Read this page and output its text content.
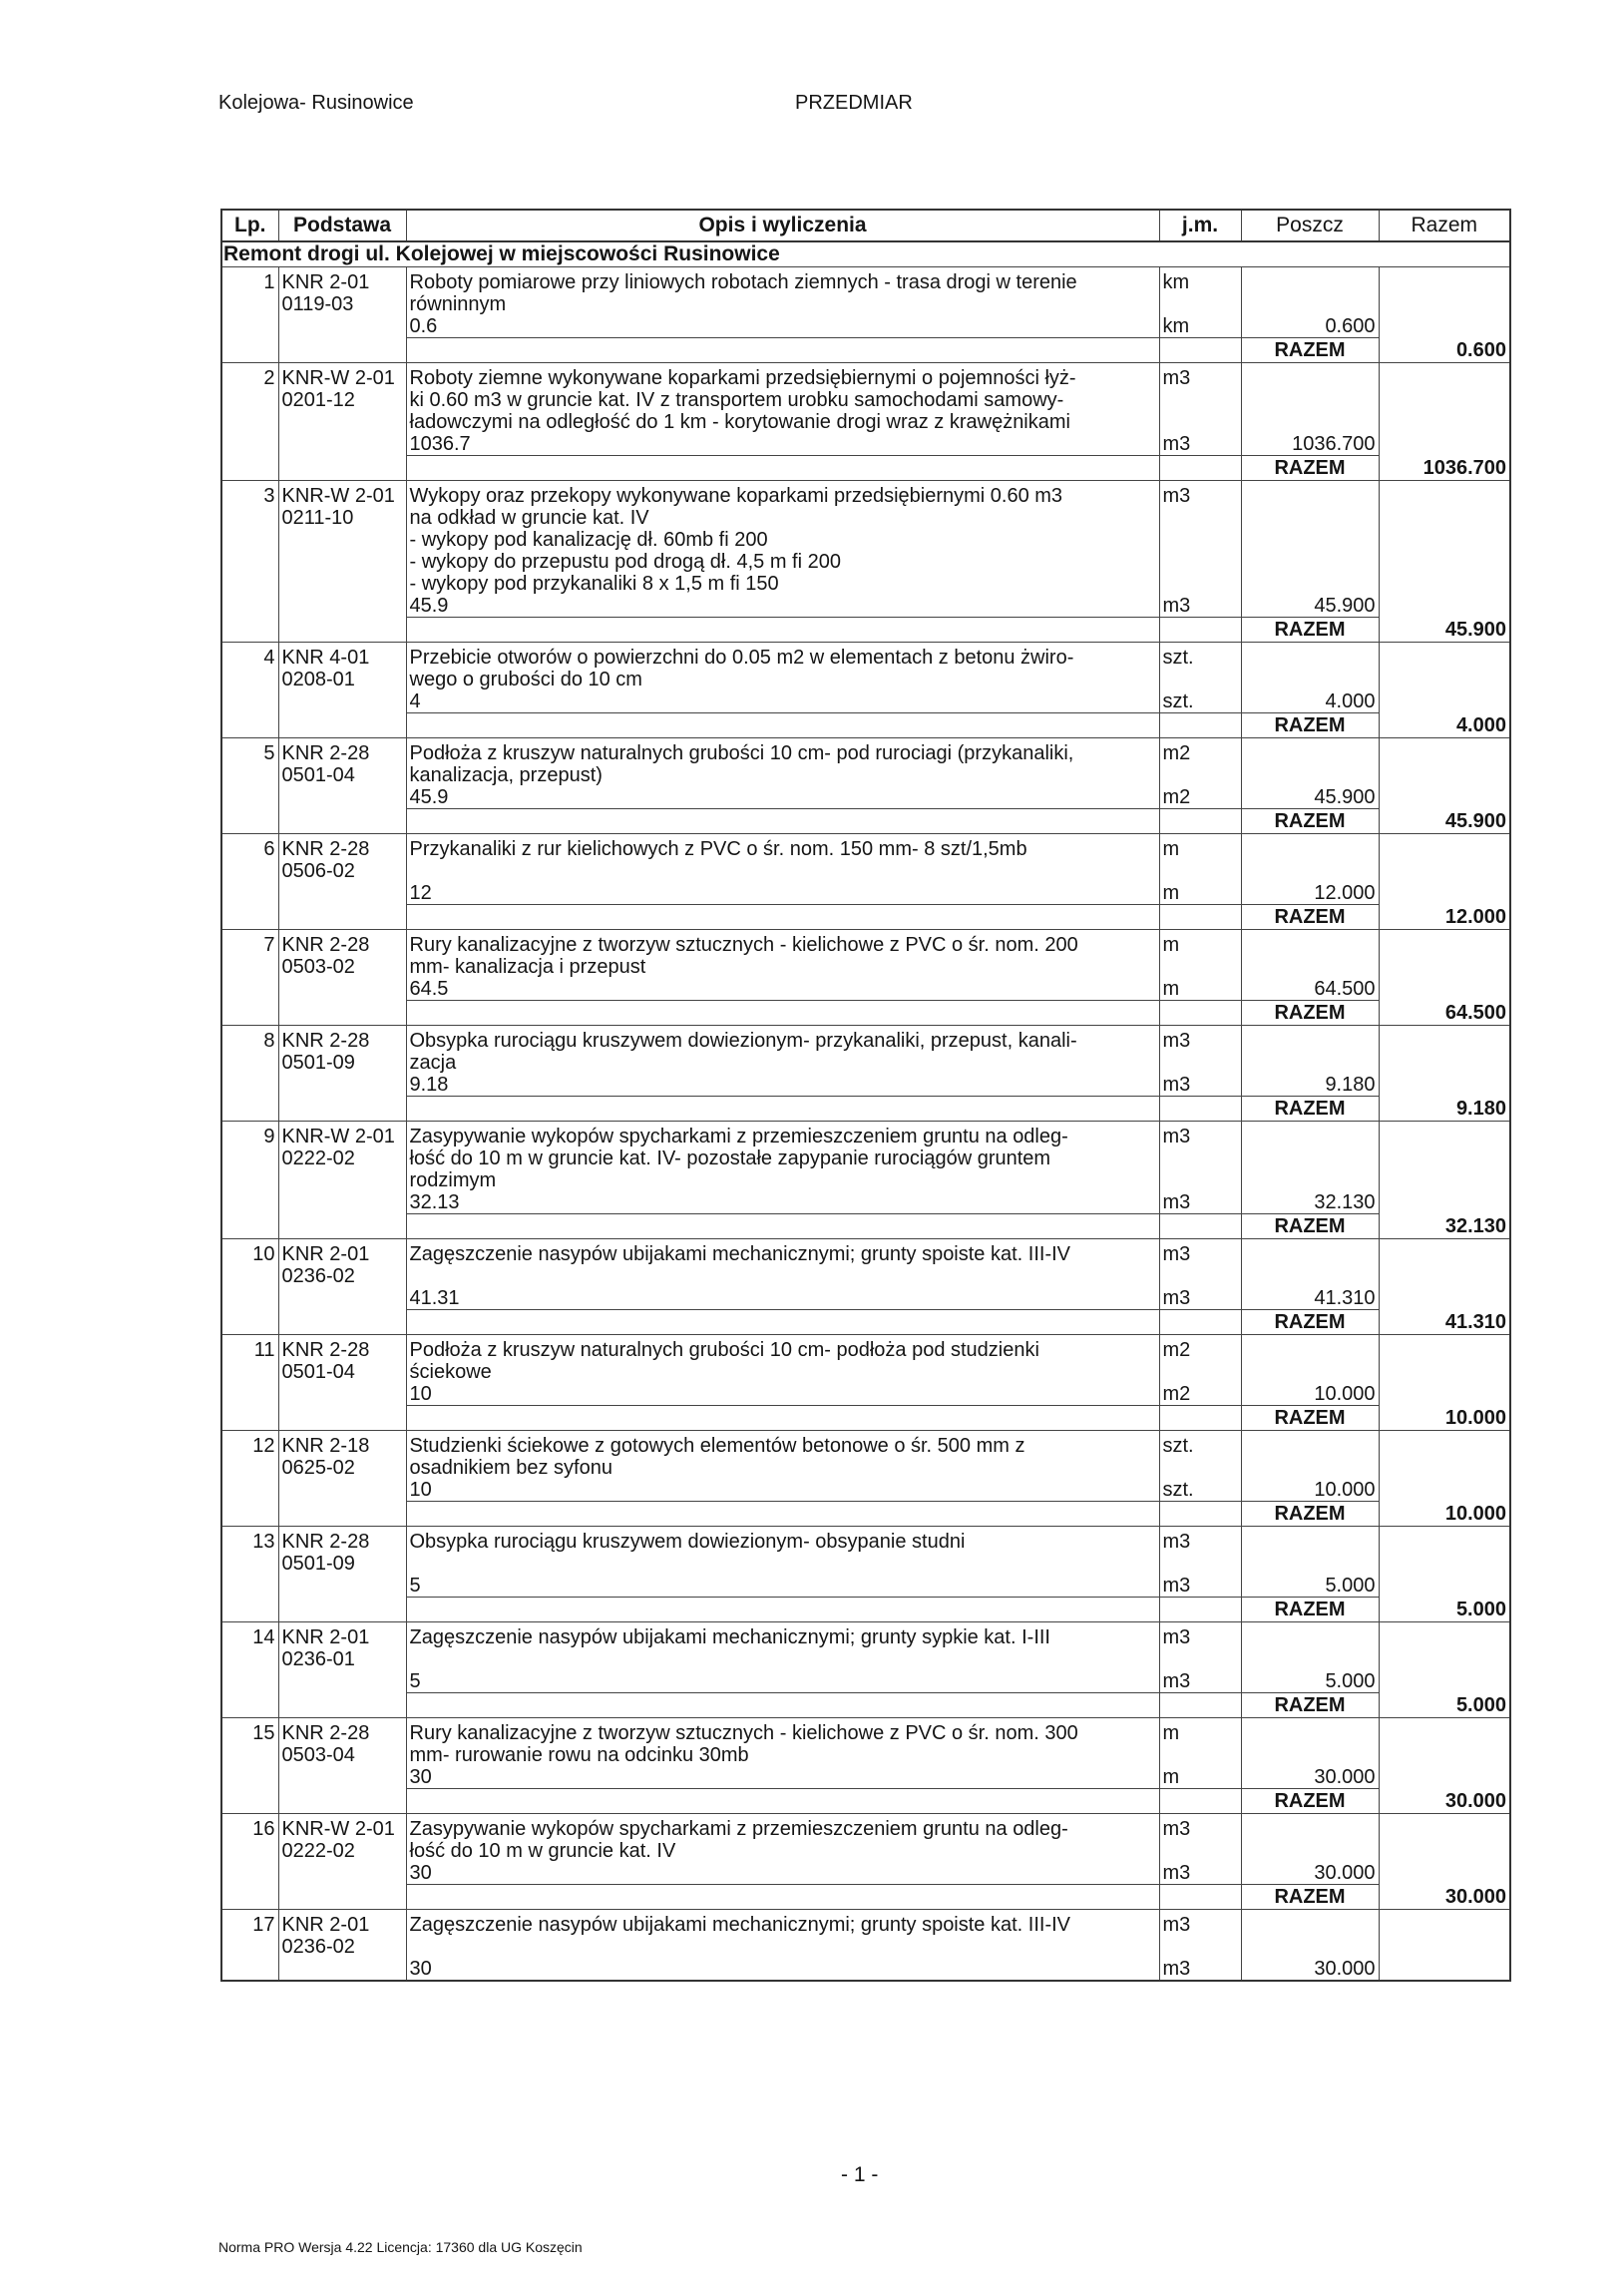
Kolejowa- Rusinowice	PRZEDMIAR
Lp.	Podstawa	Opis i wyliczenia	j.m.	Poszcz	Razem
Remont drogi ul. Kolejowej w miejscowości Rusinowice					
1	KNR 2-01	Roboty pomiarowe przy liniowych robotach ziemnych - trasa drogi w terenie	km		
	0119-03	równinnym			
		0.6	km	0.600	
				RAZEM	0.600
2	KNR-W 2-01	Roboty ziemne wykonywane koparkami przedsiębiernymi o pojemności łyż-	m3		
	0201-12	ki 0.60 m3 w gruncie kat. IV z transportem urobku samochodami samowy-			
		ładowczymi na odległość do 1 km - korytowanie drogi wraz z krawężnikami			
		1036.7	m3	1036.700	
				RAZEM	1036.700
3	KNR-W 2-01	Wykopy oraz przekopy wykonywane koparkami przedsiębiernymi 0.60 m3	m3		
	0211-10	na odkład w gruncie kat. IV			
		- wykopy pod kanalizację dł. 60mb fi 200			
		- wykopy do przepustu pod drogą dł. 4,5 m fi 200			
		- wykopy pod przykanaliki 8 x 1,5 m fi 150			
		45.9	m3	45.900	
				RAZEM	45.900
4	KNR 4-01	Przebicie otworów o powierzchni do 0.05 m2 w elementach z betonu żwiro-	szt.		
	0208-01	wego o grubości do 10 cm			
		4	szt.	4.000	
				RAZEM	4.000
5	KNR 2-28	Podłoża z kruszyw naturalnych grubości 10 cm- pod rurociagi (przykanaliki,	m2		
	0501-04	kanalizacja, przepust)			
		45.9	m2	45.900	
				RAZEM	45.900
6	KNR 2-28	Przykanaliki z rur kielichowych z PVC o śr. nom. 150 mm- 8 szt/1,5mb	m		
	0506-02				
		12	m	12.000	
				RAZEM	12.000
7	KNR 2-28	Rury kanalizacyjne z tworzyw sztucznych - kielichowe z PVC o śr. nom. 200	m		
	0503-02	mm- kanalizacja i przepust			
		64.5	m	64.500	
				RAZEM	64.500
8	KNR 2-28	Obsypka rurociągu kruszywem dowiezionym- przykanaliki, przepust, kanali-	m3		
	0501-09	zacja			
		9.18	m3	9.180	
				RAZEM	9.180
9	KNR-W 2-01	Zasypywanie wykopów spycharkami z przemieszczeniem gruntu na odleg-	m3		
	0222-02	łość do 10 m w gruncie kat. IV- pozostałe zapypanie rurociągów gruntem			
		rodzimym			
		32.13	m3	32.130	
				RAZEM	32.130
10	KNR 2-01	Zagęszczenie nasypów ubijakami mechanicznymi; grunty spoiste kat. III-IV	m3		
	0236-02				
		41.31	m3	41.310	
				RAZEM	41.310
11	KNR 2-28	Podłoża z kruszyw naturalnych grubości 10 cm- podłoża pod studzienki	m2		
	0501-04	ściekowe			
		10	m2	10.000	
				RAZEM	10.000
12	KNR 2-18	Studzienki ściekowe z gotowych elementów betonowe o śr. 500 mm z	szt.		
	0625-02	osadnikiem bez syfonu			
		10	szt.	10.000	
				RAZEM	10.000
13	KNR 2-28	Obsypka rurociągu kruszywem dowiezionym- obsypanie studni	m3		
	0501-09				
		5	m3	5.000	
				RAZEM	5.000
14	KNR 2-01	Zagęszczenie nasypów ubijakami mechanicznymi; grunty sypkie kat. I-III	m3		
	0236-01				
		5	m3	5.000	
				RAZEM	5.000
15	KNR 2-28	Rury kanalizacyjne z tworzyw sztucznych - kielichowe z PVC o śr. nom. 300	m		
	0503-04	mm- rurowanie rowu na odcinku 30mb			
		30	m	30.000	
				RAZEM	30.000
16	KNR-W 2-01	Zasypywanie wykopów spycharkami z przemieszczeniem gruntu na odleg-	m3		
	0222-02	łość do 10 m w gruncie kat. IV			
		30	m3	30.000	
				RAZEM	30.000
17	KNR 2-01	Zagęszczenie nasypów ubijakami mechanicznymi; grunty spoiste kat. III-IV	m3		
	0236-02				
		30	m3	30.000	
- 1 -
Norma PRO Wersja 4.22 Licencja: 17360 dla UG Koszęcin
